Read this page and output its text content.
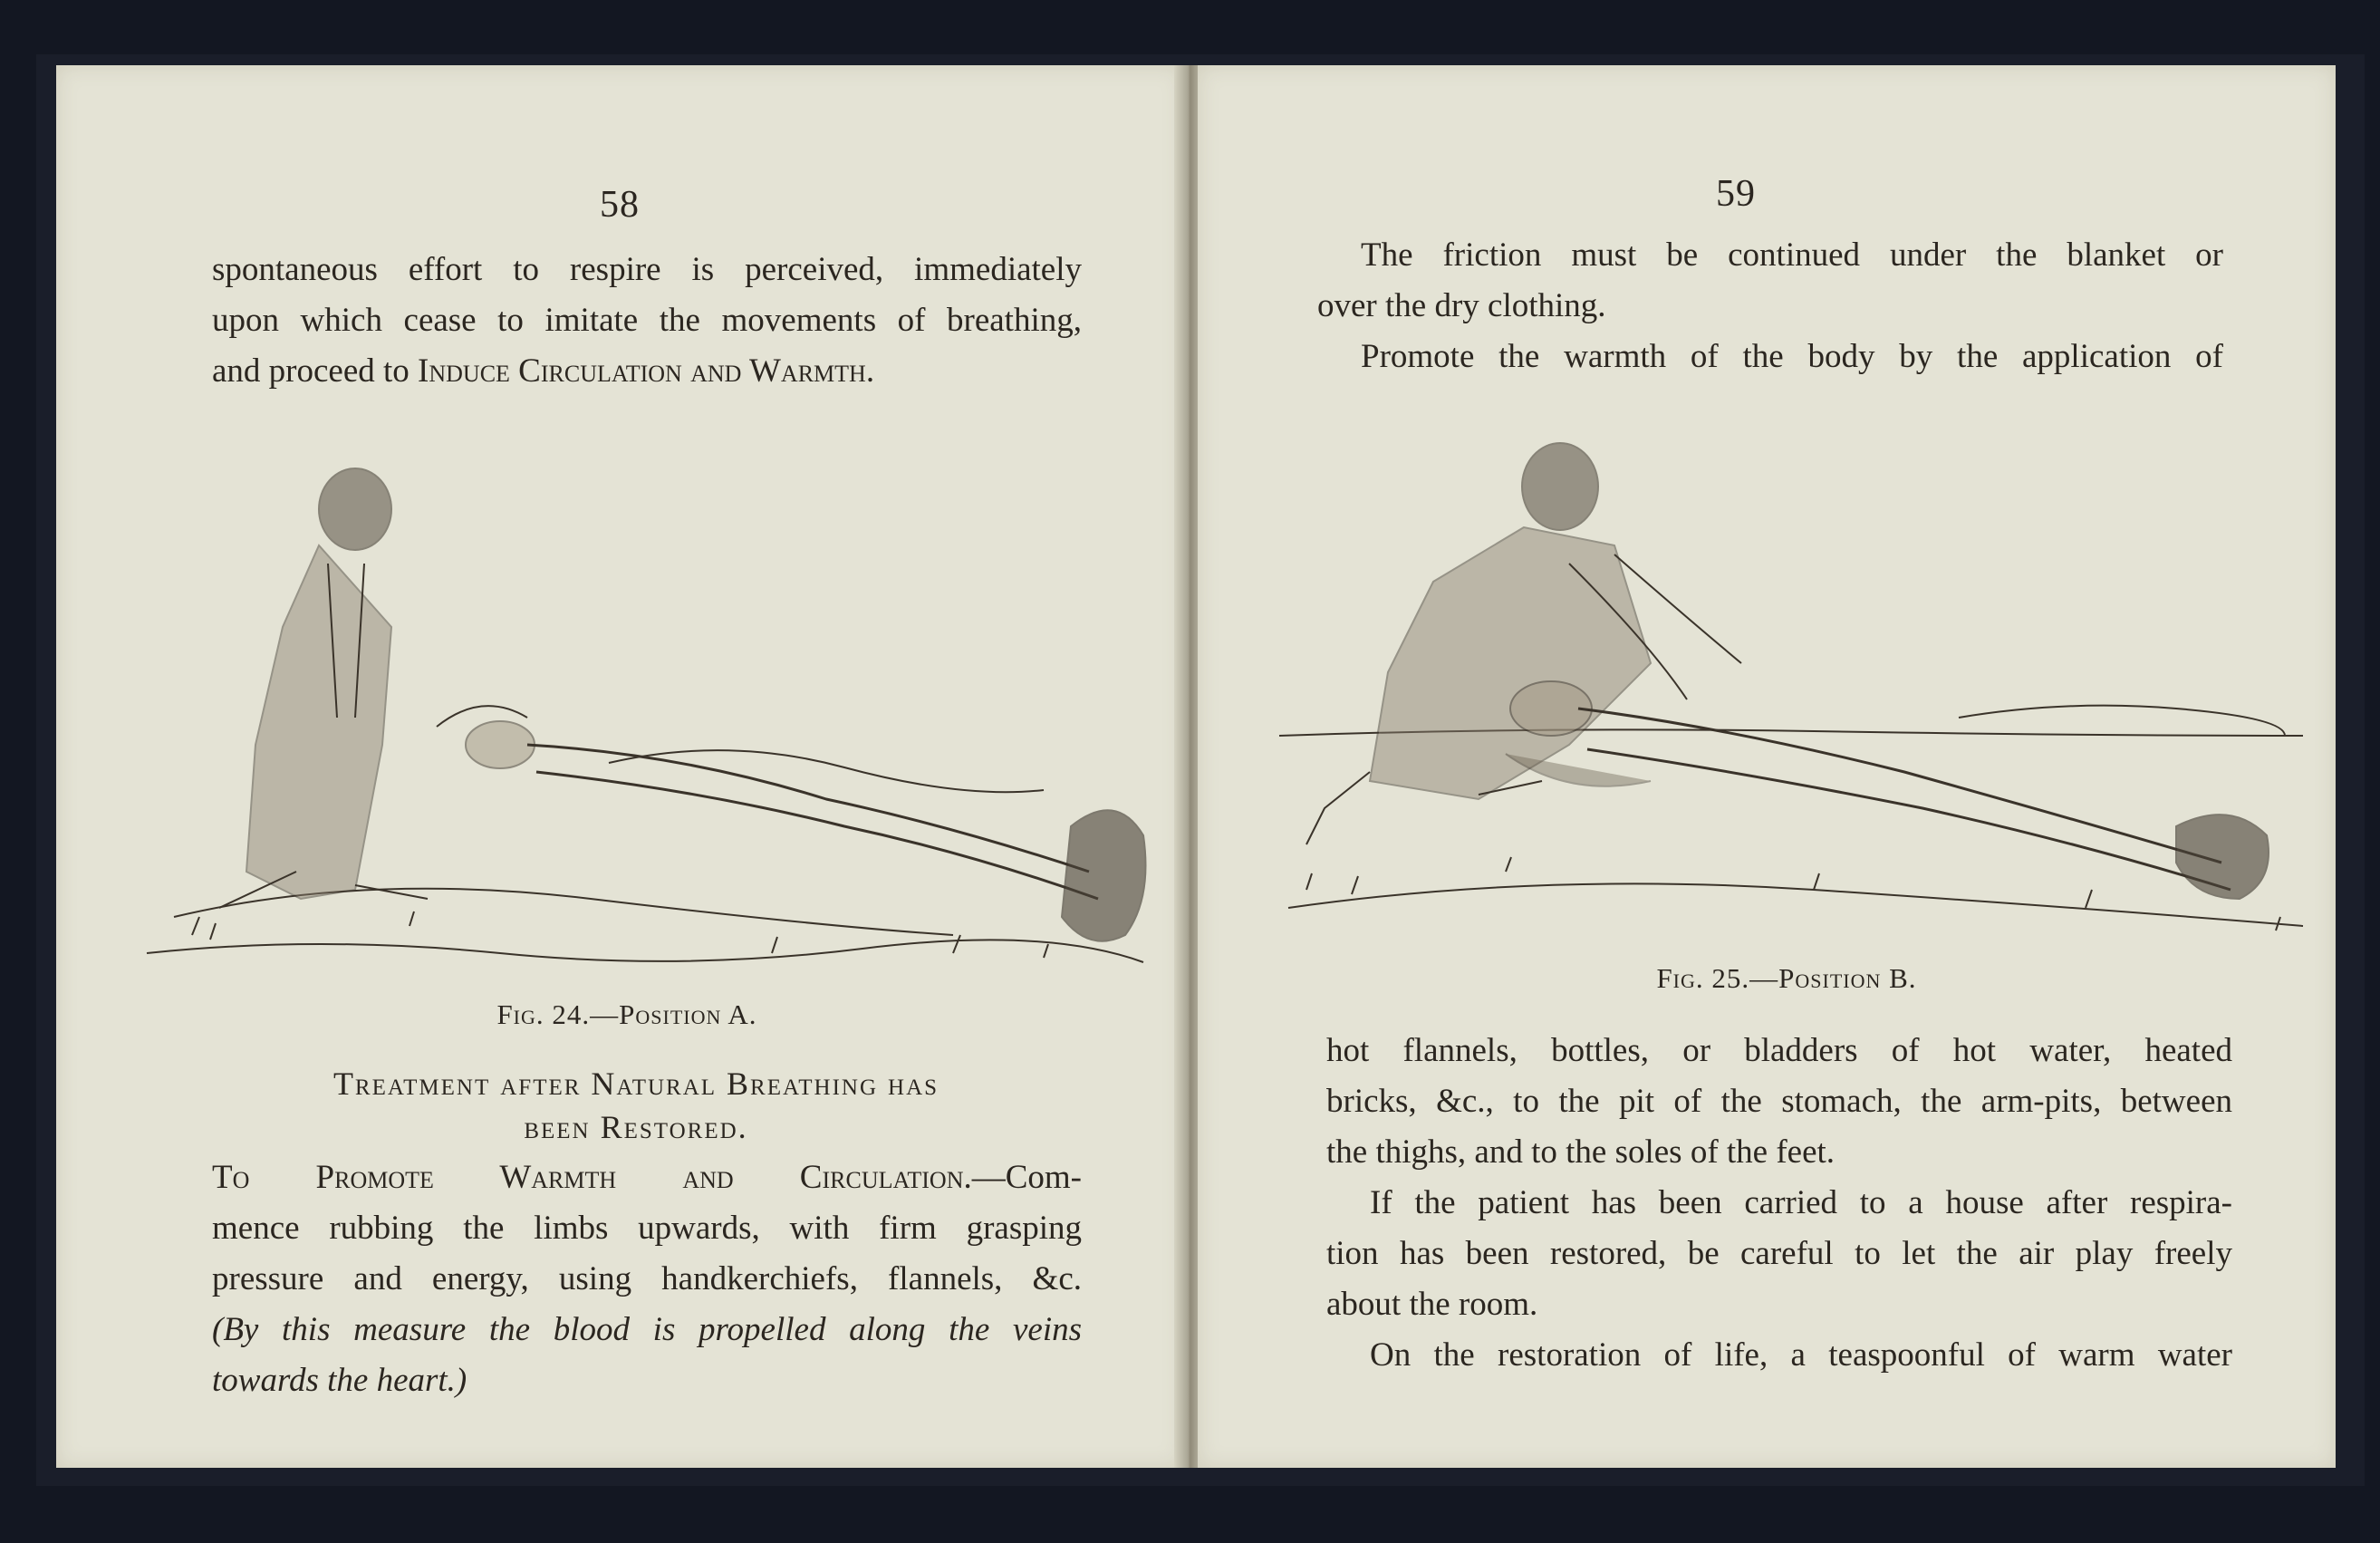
58

spontaneous effort to respire is perceived, immediately

upon which cease to imitate the movements of breathing,

and proceed to Induce Circulation and Warmth.

Fig. 24.—Position A.
Treatment after Natural Breathing has
been Restored.

To Promote Warmth and Circulation.—Com-

mence rubbing the limbs upwards, with firm grasping

pressure and energy, using handkerchiefs, flannels, &c.

(By this measure the blood is propelled along the veins

towards the heart.)

59

The friction must be continued under the blanket or

over the dry clothing.

Promote the warmth of the body by the application of

Fig. 25.—Position B.

hot flannels, bottles, or bladders of hot water, heated

bricks, &c., to the pit of the stomach, the arm-pits, between

the thighs, and to the soles of the feet.

If the patient has been carried to a house after respira-

tion has been restored, be careful to let the air play freely

about the room.

On the restoration of life, a teaspoonful of warm water
